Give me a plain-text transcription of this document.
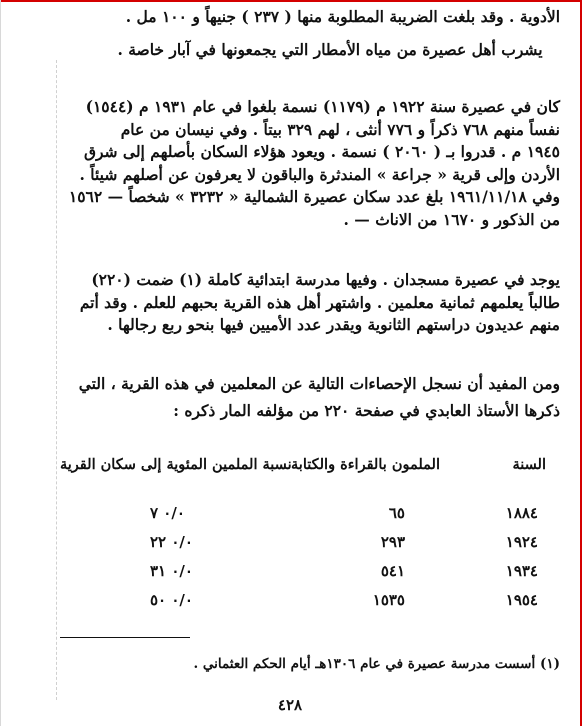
الأدوية . وقد بلغت الضريبة المطلوبة منها ( ٢٣٧ ) جنيهاً و ١٠٠ مل .
يشرب أهل عصيرة من مياه الأمطار التي يجمعونها في آبار خاصة .
كان في عصيرة سنة ١٩٢٢ م (١١٧٩) نسمة بلغوا في عام ١٩٣١ م (١٥٤٤)
نفساً منهم ٧٦٨ ذكراً و ٧٧٦ أنثى ، لهم ٣٢٩ بيتاً . وفي نيسان من عام
١٩٤٥ م . قدروا بـ ( ٢٠٦٠ ) نسمة . ويعود هؤلاء السكان بأصلهم إلى شرق
الأردن وإلى قرية « جراعة » المندثرة والباقون لا يعرفون عن أصلهم شيئاً .
وفي ١٩٦١/١١/١٨ بلغ عدد سكان عصيرة الشمالية « ٣٢٣٢ » شخصاً — ١٥٦٢
من الذكور و ١٦٧٠ من الاناث — .
يوجد في عصيرة مسجدان . وفيها مدرسة ابتدائية كاملة (١) ضمت (٢٢٠)
طالباً يعلمهم ثمانية معلمين . واشتهر أهل هذه القرية بحبهم للعلم . وقد أتم
منهم عديدون دراستهم الثانوية ويقدر عدد الأميين فيها بنحو ربع رجالها .
ومن المفيد أن نسجل الإحصاءات التالية عن المعلمين في هذه القرية ، التي
ذكرها الأستاذ العابدي في صفحة ٢٢٠ من مؤلفه المار ذكره :
السنة
الملمون بالقراءة والكتابة
نسبة الملمين المئوية إلى سكان القرية
١٨٨٤
٦٥
٠/٠ ٧
١٩٢٤
٢٩٣
٠/٠ ٢٢
١٩٣٤
٥٤١
٠/٠ ٣١
١٩٥٤
١٥٣٥
٠/٠ ٥٠
(١) أسست مدرسة عصيرة في عام ١٣٠٦هـ أيام الحكم العثماني .
٤٢٨
